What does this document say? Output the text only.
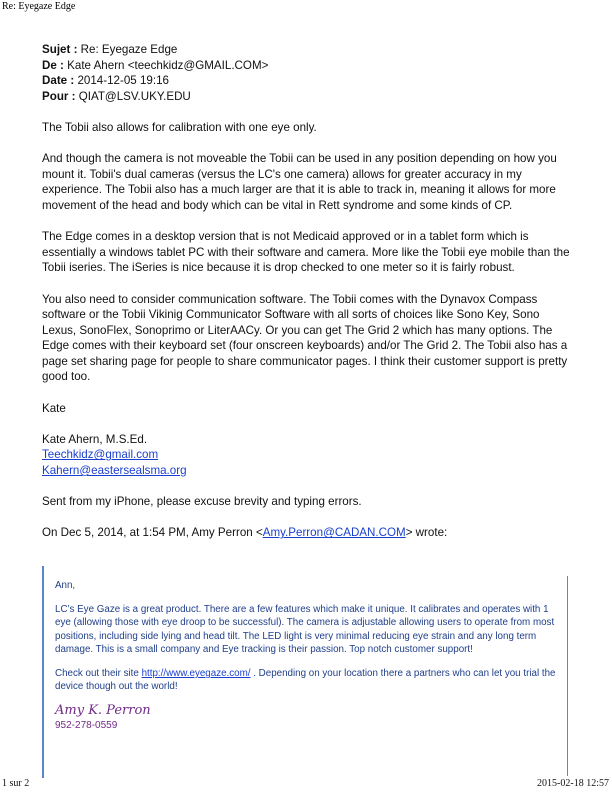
Re: Eyegaze Edge

Sujet : Re: Eyegaze Edge

De : Kate Ahern <teechkidz@GMAIL.COM>

Date : 2014-12-05 19:16

Pour : QIAT@LSV.UKY.EDU

The Tobii also allows for calibration with one eye only.

And though the camera is not moveable the Tobii can be used in any position depending on how you mount it. Tobii's dual cameras (versus the LC's one camera) allows for greater accuracy in my experience. The Tobii also has a much larger are that it is able to track in, meaning it allows for more movement of the head and body which can be vital in Rett syndrome and some kinds of CP.

The Edge comes in a desktop version that is not Medicaid approved or in a tablet form which is essentially a windows tablet PC with their software and camera. More like the Tobii eye mobile than the Tobii iseries. The iSeries is nice because it is drop checked to one meter so it is fairly robust.

You also need to consider communication software. The Tobii comes with the Dynavox Compass software or the Tobii Vikinig Communicator Software with all sorts of choices like Sono Key, Sono Lexus, SonoFlex, Sonoprimo or LiterAACy. Or you can get The Grid 2 which has many options. The Edge comes with their keyboard set (four onscreen keyboards) and/or The Grid 2. The Tobii also has a page set sharing page for people to share communicator pages. I think their customer support is pretty good too.

Kate

Kate Ahern, M.S.Ed.
Teechkidz@gmail.com
Kahern@eastersealsma.org

Sent from my iPhone, please excuse brevity and typing errors.

On Dec 5, 2014, at 1:54 PM, Amy Perron <Amy.Perron@CADAN.COM> wrote:

Ann,

LC’s Eye Gaze is a great product. There are a few features which make it unique. It calibrates and operates with 1 eye (allowing those with eye droop to be successful). The camera is adjustable allowing users to operate from most positions, including side lying and head tilt. The LED light is very minimal reducing eye strain and any long term damage. This is a small company and Eye tracking is their passion. Top notch customer support!

Check out their site http://www.eyegaze.com/ . Depending on your location there a partners who can let you trial the device though out the world!

Amy K. Perron
952-278-0559
1 sur 2	2015-02-18 12:57
